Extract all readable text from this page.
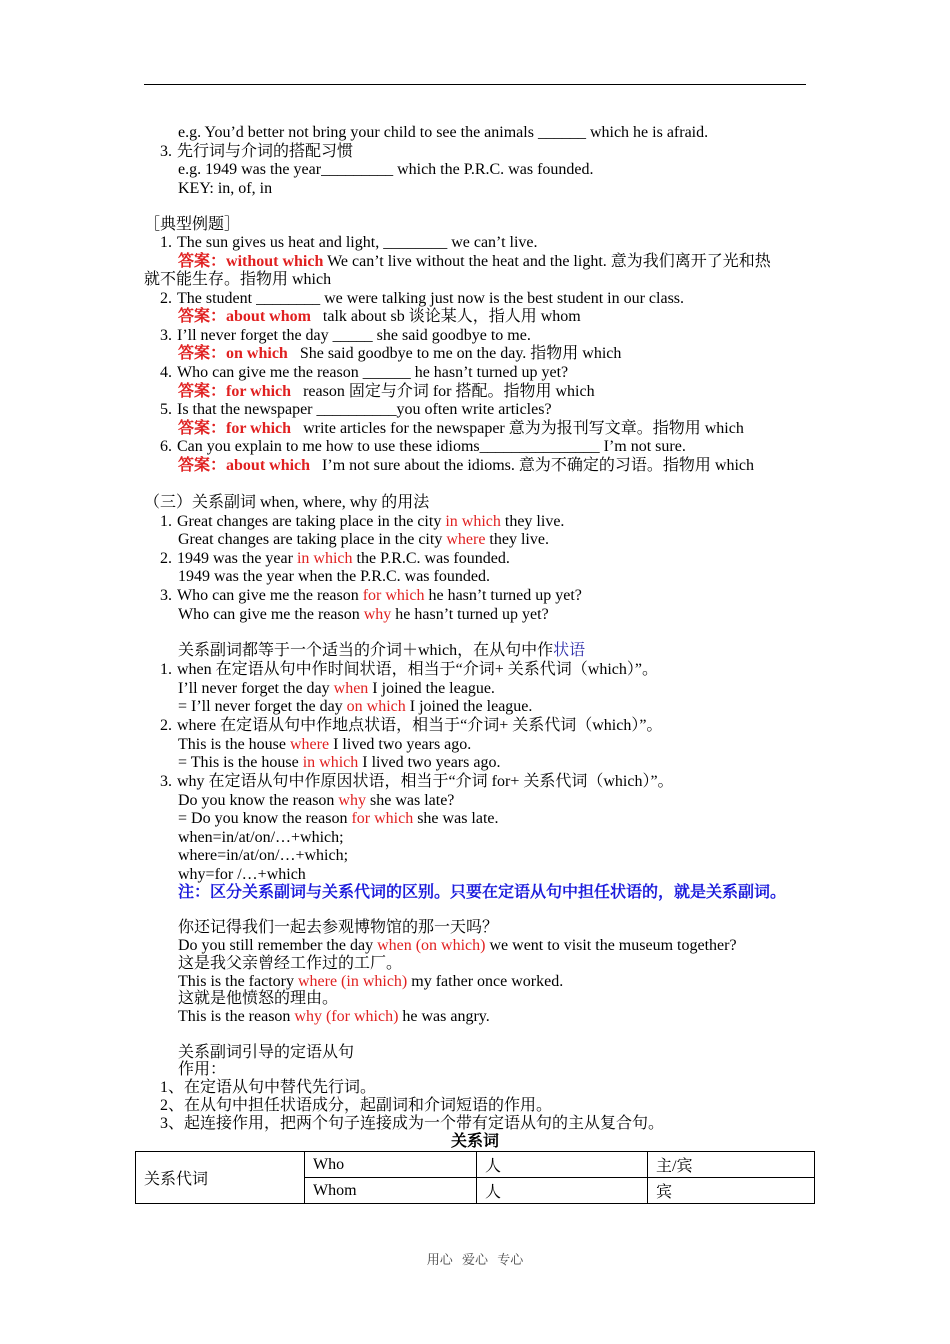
e.g. You’d better not bring your child to see the animals ______ which he is afraid.
3. 先行词与介词的搭配习惯
e.g. 1949 was the year_________ which the P.R.C. was founded.
KEY: in, of, in
［典型例题］
1. The sun gives us heat and light, ________ we can’t live.
答案：without which We can’t live without the heat and the light. 意为我们离开了光和热
就不能生存。指物用 which
2. The student ________ we were talking just now is the best student in our class.
答案：about whom talk about sb 谈论某人，指人用 whom
3. I’ll never forget the day _____ she said goodbye to me.
答案：on which She said goodbye to me on the day. 指物用 which
4. Who can give me the reason ______ he hasn’t turned up yet?
答案：for which reason 固定与介词 for 搭配。指物用 which
5. Is that the newspaper __________you often write articles?
答案：for which write articles for the newspaper 意为为报刊写文章。指物用 which
6. Can you explain to me how to use these idioms_______________ I’m not sure.
答案：about which I’m not sure about the idioms. 意为不确定的习语。指物用 which
（三）关系副词 when, where, why 的用法
1. Great changes are taking place in the city in which they live.
Great changes are taking place in the city where they live.
2. 1949 was the year in which the P.R.C. was founded.
1949 was the year when the P.R.C. was founded.
3. Who can give me the reason for which he hasn’t turned up yet?
Who can give me the reason why he hasn’t turned up yet?
关系副词都等于一个适当的介词＋which，在从句中作状语
1. when 在定语从句中作时间状语，相当于“介词+ 关系代词（which）”。
I’ll never forget the day when I joined the league.
= I’ll never forget the day on which I joined the league.
2. where 在定语从句中作地点状语，相当于“介词+ 关系代词（which）”。
This is the house where I lived two years ago.
= This is the house in which I lived two years ago.
3. why 在定语从句中作原因状语，相当于“介词 for+ 关系代词（which）”。
Do you know the reason why she was late?
= Do you know the reason for which she was late.
when=in/at/on/…+which;
where=in/at/on/…+which;
why=for /…+which
注：区分关系副词与关系代词的区别。只要在定语从句中担任状语的，就是关系副词。
你还记得我们一起去参观博物馆的那一天吗？
Do you still remember the day when (on which) we went to visit the museum together?
这是我父亲曾经工作过的工厂。
This is the factory where (in which) my father once worked.
这就是他愤怒的理由。
This is the reason why (for which) he was angry.
关系副词引导的定语从句
作用：
1、在定语从句中替代先行词。
2、在从句中担任状语成分，起副词和介词短语的作用。
3、起连接作用，把两个句子连接成为一个带有定语从句的主从复合句。
关系词
关系代词	Who	人	主/宾
	Whom	人	宾
用心 爱心 专心
